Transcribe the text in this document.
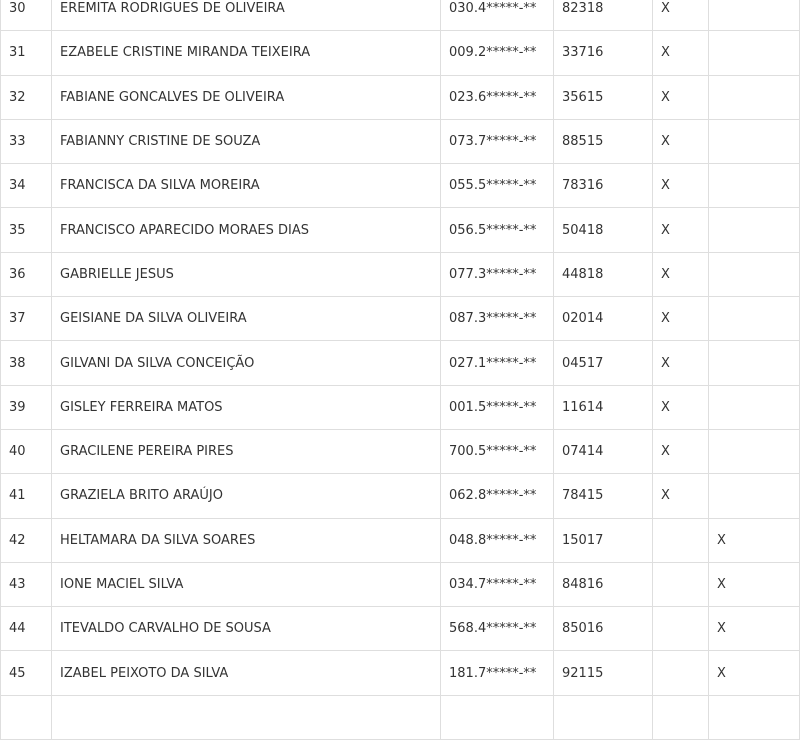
30	EREMITA RODRIGUES DE OLIVEIRA	030.4*****-**	82318	X	
31	EZABELE CRISTINE MIRANDA TEIXEIRA	009.2*****-**	33716	X	
32	FABIANE GONCALVES DE OLIVEIRA	023.6*****-**	35615	X	
33	FABIANNY CRISTINE DE SOUZA	073.7*****-**	88515	X	
34	FRANCISCA DA SILVA MOREIRA	055.5*****-**	78316	X	
35	FRANCISCO APARECIDO MORAES DIAS	056.5*****-**	50418	X	
36	GABRIELLE JESUS	077.3*****-**	44818	X	
37	GEISIANE DA SILVA OLIVEIRA	087.3*****-**	02014	X	
38	GILVANI DA SILVA CONCEIÇÃO	027.1*****-**	04517	X	
39	GISLEY FERREIRA MATOS	001.5*****-**	11614	X	
40	GRACILENE PEREIRA PIRES	700.5*****-**	07414	X	
41	GRAZIELA BRITO ARAÚJO	062.8*****-**	78415	X	
42	HELTAMARA DA SILVA SOARES	048.8*****-**	15017		X
43	IONE MACIEL SILVA	034.7*****-**	84816		X
44	ITEVALDO CARVALHO DE SOUSA	568.4*****-**	85016		X
45	IZABEL PEIXOTO DA SILVA	181.7*****-**	92115		X
